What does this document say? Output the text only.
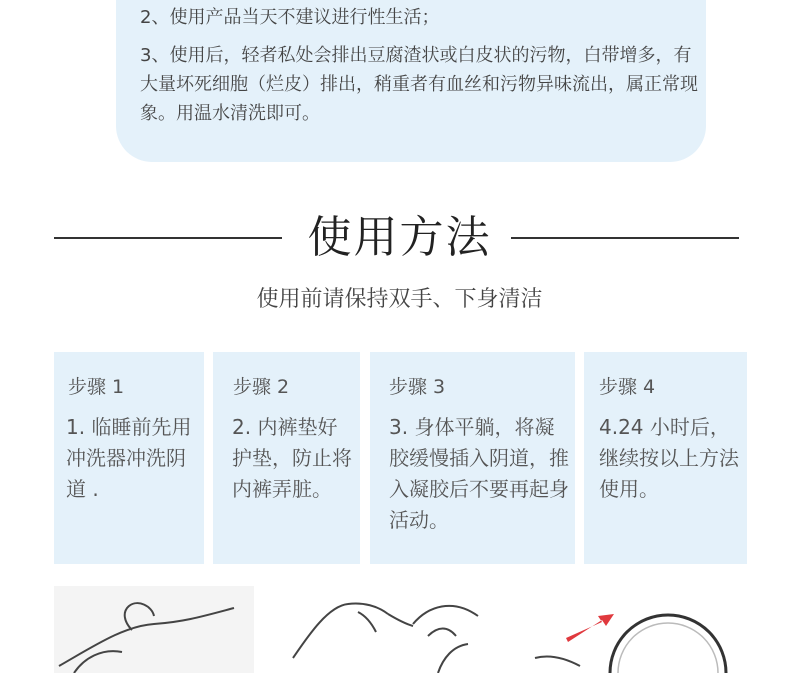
2、使用产品当天不建议进行性生活；
3、使用后，轻者私处会排出豆腐渣状或白皮状的污物，白带增多，有大量坏死细胞（烂皮）排出，稍重者有血丝和污物异味流出，属正常现象。用温水清洗即可。
使用方法
使用前请保持双手、下身清洁
步骤 1
1. 临睡前先用冲洗器冲洗阴道 .
步骤 2
2. 内裤垫好护垫，防止将内裤弄脏。
步骤 3
3. 身体平躺，将凝胶缓慢插入阴道，推入凝胶后不要再起身活动。
步骤 4
4.24 小时后，继续按以上方法使用。
